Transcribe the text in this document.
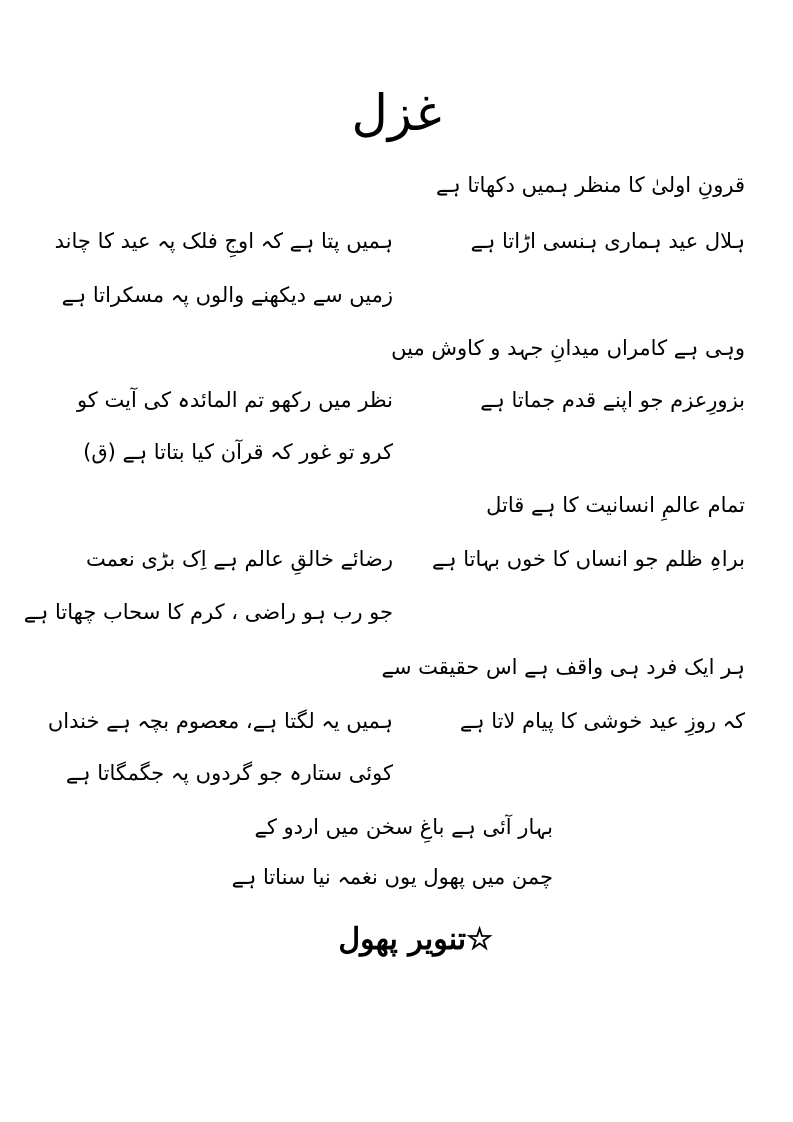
غزل
قرونِ اولیٰ کا منظر ہمیں دکھاتا ہے
ہلال عید ہماری ہنسی اڑاتا ہے
ہمیں پتا ہے کہ اوجِ فلک پہ عید کا چاند
زمیں سے دیکھنے والوں پہ مسکراتا ہے
وہی ہے کامراں میدانِ جہد و کاوش میں
بزورِعزم جو اپنے قدم جماتا ہے
نظر میں رکھو تم المائدہ کی آیت کو
کرو تو غور کہ قرآن کیا بتاتا ہے (ق)
تمام عالمِ انسانیت کا ہے قاتل
براہِ ظلم جو انساں کا خوں بہاتا ہے
رضائے خالقِ عالم ہے اِک بڑی نعمت
جو رب ہو راضی ، کرم کا سحاب چھاتا ہے
ہر ایک فرد ہی واقف ہے اس حقیقت سے
کہ روزِ عید خوشی کا پیام لاتا ہے
ہمیں یہ لگتا ہے، معصوم بچہ ہے خنداں
کوئی ستارہ جو گردوں پہ جگمگاتا ہے
بہار آئی ہے باغِ سخن میں اردو کے
چمن میں پھول یوں نغمہ نیا سناتا ہے
☆تنویر پھول
